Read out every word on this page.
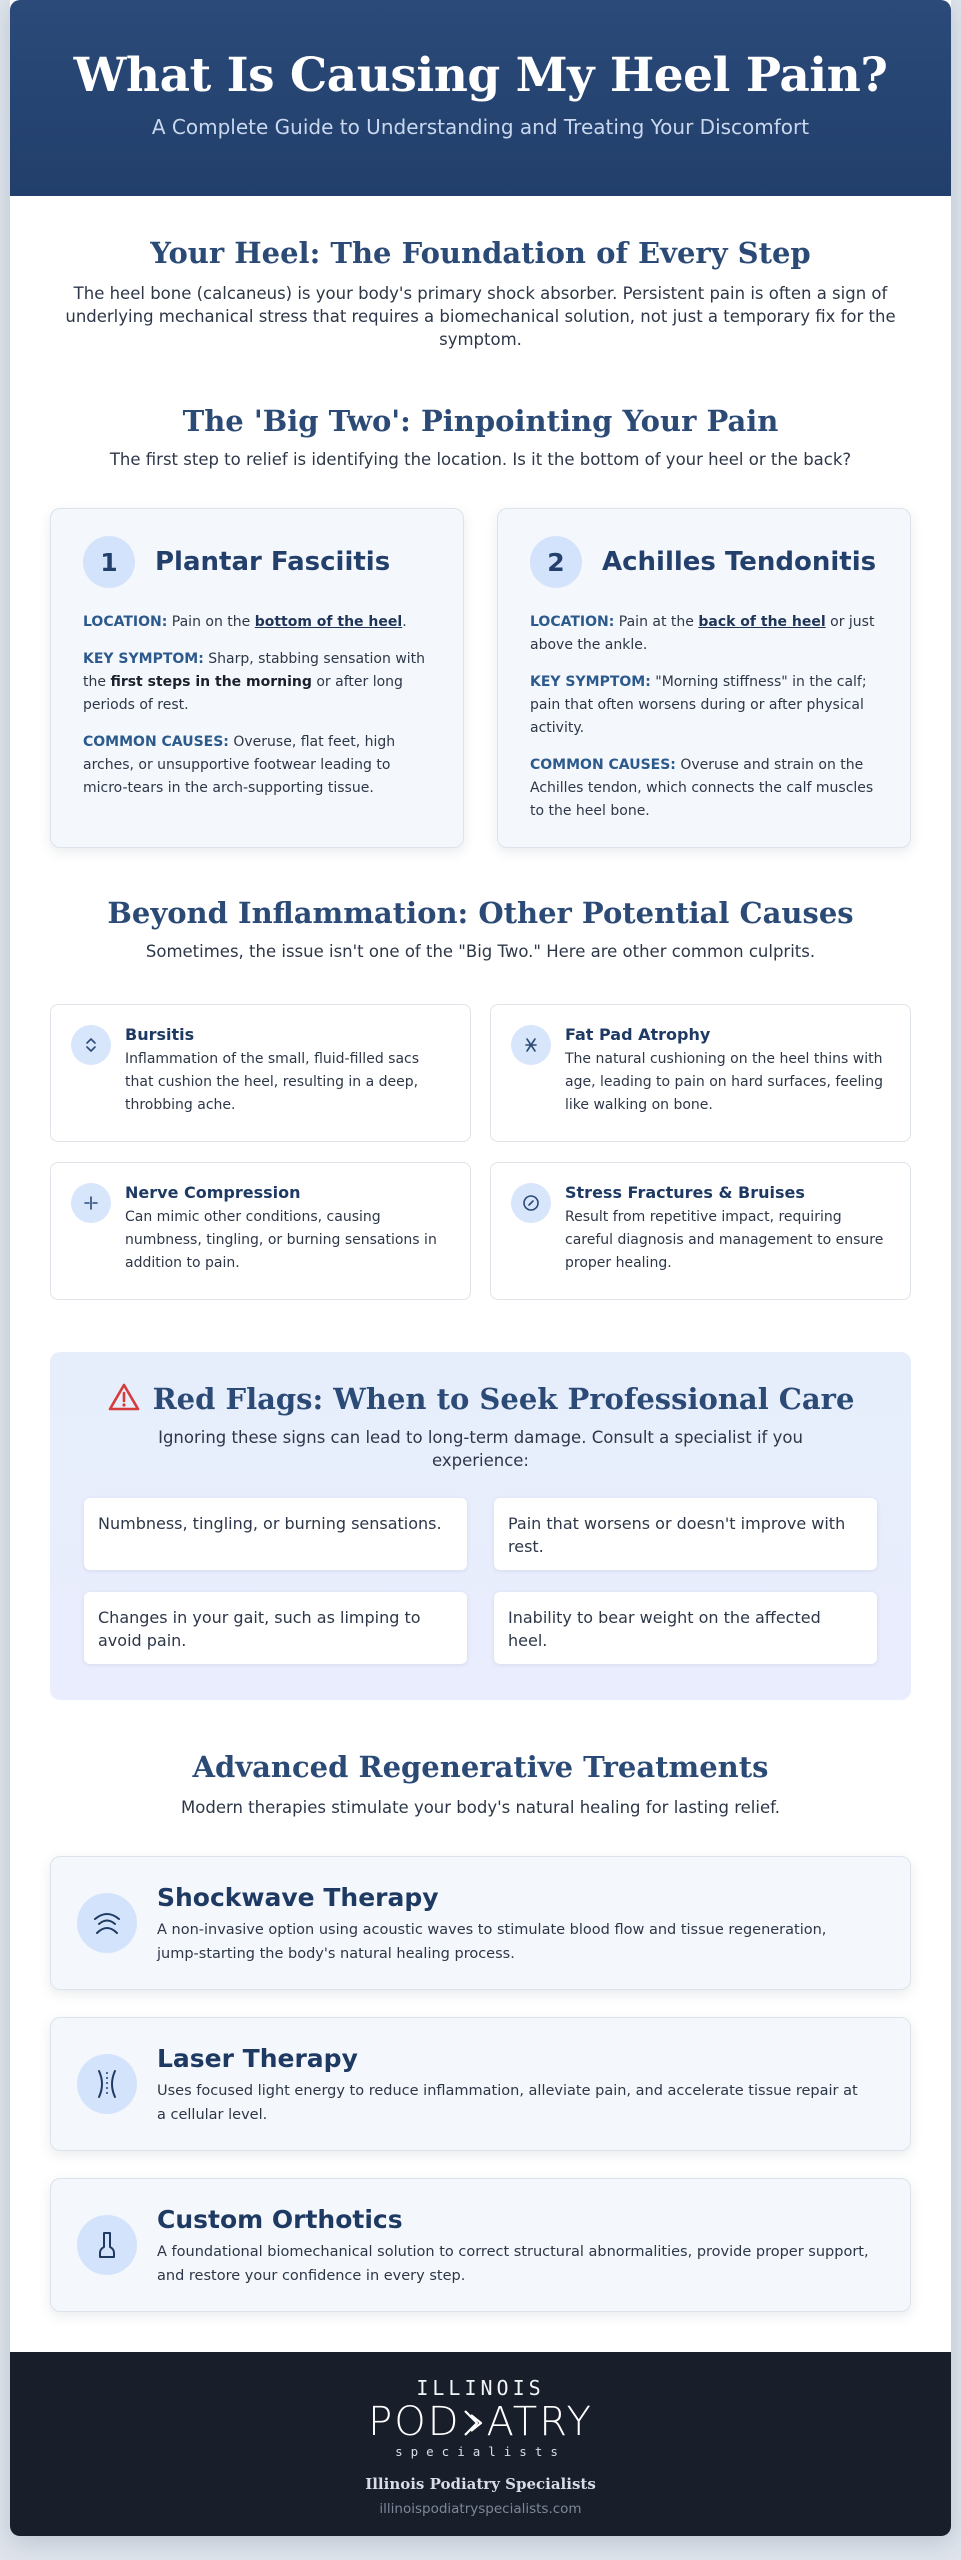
What Is Causing My Heel Pain?

A Complete Guide to Understanding and Treating Your Discomfort

Your Heel: The Foundation of Every Step

The heel bone (calcaneus) is your body's primary shock absorber. Persistent pain is often a sign of underlying mechanical stress that requires a biomechanical solution, not just a temporary fix for the symptom.

The 'Big Two': Pinpointing Your Pain

The first step to relief is identifying the location. Is it the bottom of your heel or the back?

1	Plantar Fasciitis

LOCATION: Pain on the bottom of the heel.

KEY SYMPTOM: Sharp, stabbing sensation with the first steps in the morning or after long periods of rest.

COMMON CAUSES: Overuse, flat feet, high arches, or unsupportive footwear leading to micro-tears in the arch-supporting tissue.

2	Achilles Tendonitis

LOCATION: Pain at the back of the heel or just above the ankle.

KEY SYMPTOM: "Morning stiffness" in the calf; pain that often worsens during or after physical activity.

COMMON CAUSES: Overuse and strain on the Achilles tendon, which connects the calf muscles to the heel bone.

Beyond Inflammation: Other Potential Causes

Sometimes, the issue isn't one of the "Big Two." Here are other common culprits.

Bursitis

Inflammation of the small, fluid-filled sacs that cushion the heel, resulting in a deep, throbbing ache.

Fat Pad Atrophy

The natural cushioning on the heel thins with age, leading to pain on hard surfaces, feeling like walking on bone.

Nerve Compression

Can mimic other conditions, causing numbness, tingling, or burning sensations in addition to pain.

Stress Fractures & Bruises

Result from repetitive impact, requiring careful diagnosis and management to ensure proper healing.

Red Flags: When to Seek Professional Care

Ignoring these signs can lead to long-term damage. Consult a specialist if you experience:

Numbness, tingling, or burning sensations.	Pain that worsens or doesn't improve with rest.
Changes in your gait, such as limping to avoid pain.
Inability to bear weight on the affected heel.
Advanced Regenerative Treatments

Modern therapies stimulate your body's natural healing for lasting relief.

Shockwave Therapy

A non-invasive option using acoustic waves to stimulate blood flow and tissue regeneration, jump-starting the body's natural healing process.

Laser Therapy

Uses focused light energy to reduce inflammation, alleviate pain, and accelerate tissue repair at a cellular level.

Custom Orthotics

A foundational biomechanical solution to correct structural abnormalities, provide proper support, and restore your confidence in every step.

ILLINOIS
POD ATRY
specialists
Illinois Podiatry Specialists
illinoispodiatryspecialists.com
